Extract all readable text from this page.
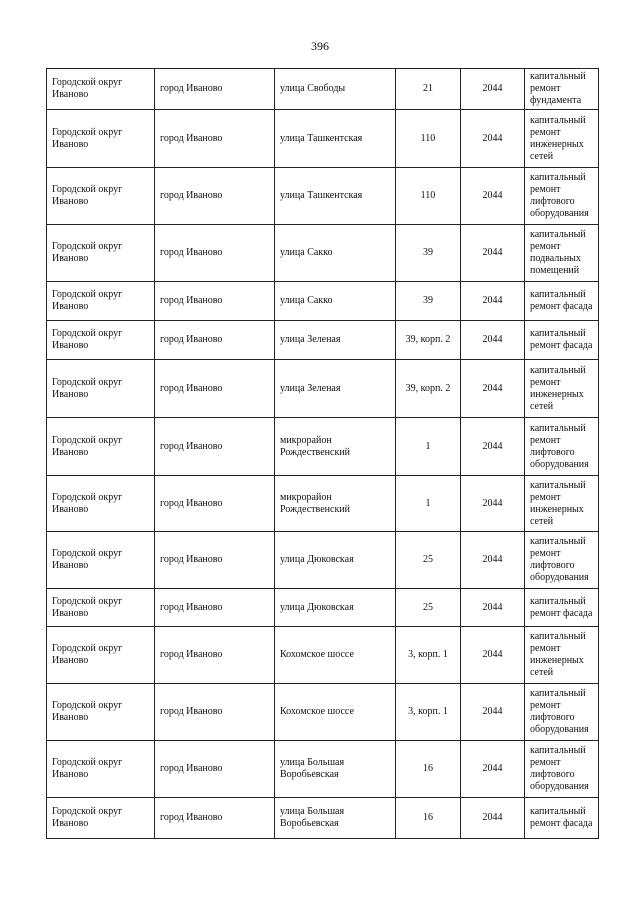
396
Городской округ Иваново	город Иваново	улица Свободы	21	2044	капитальный ремонт фундамента
Городской округ Иваново	город Иваново	улица Ташкентская	110	2044	капитальный ремонт инженерных сетей
Городской округ Иваново	город Иваново	улица Ташкентская	110	2044	капитальный ремонт лифтового оборудования
Городской округ Иваново	город Иваново	улица Сакко	39	2044	капитальный ремонт подвальных помещений
Городской округ Иваново	город Иваново	улица Сакко	39	2044	капитальный ремонт фасада
Городской округ Иваново	город Иваново	улица Зеленая	39, корп. 2	2044	капитальный ремонт фасада
Городской округ Иваново	город Иваново	улица Зеленая	39, корп. 2	2044	капитальный ремонт инженерных сетей
Городской округ Иваново	город Иваново	микрорайон Рождественский	1	2044	капитальный ремонт лифтового оборудования
Городской округ Иваново	город Иваново	микрорайон Рождественский	1	2044	капитальный ремонт инженерных сетей
Городской округ Иваново	город Иваново	улица Дюковская	25	2044	капитальный ремонт лифтового оборудования
Городской округ Иваново	город Иваново	улица Дюковская	25	2044	капитальный ремонт фасада
Городской округ Иваново	город Иваново	Кохомское шоссе	3, корп. 1	2044	капитальный ремонт инженерных сетей
Городской округ Иваново	город Иваново	Кохомское шоссе	3, корп. 1	2044	капитальный ремонт лифтового оборудования
Городской округ Иваново	город Иваново	улица Большая Воробьевская	16	2044	капитальный ремонт лифтового оборудования
Городской округ Иваново	город Иваново	улица Большая Воробьевская	16	2044	капитальный ремонт фасада
